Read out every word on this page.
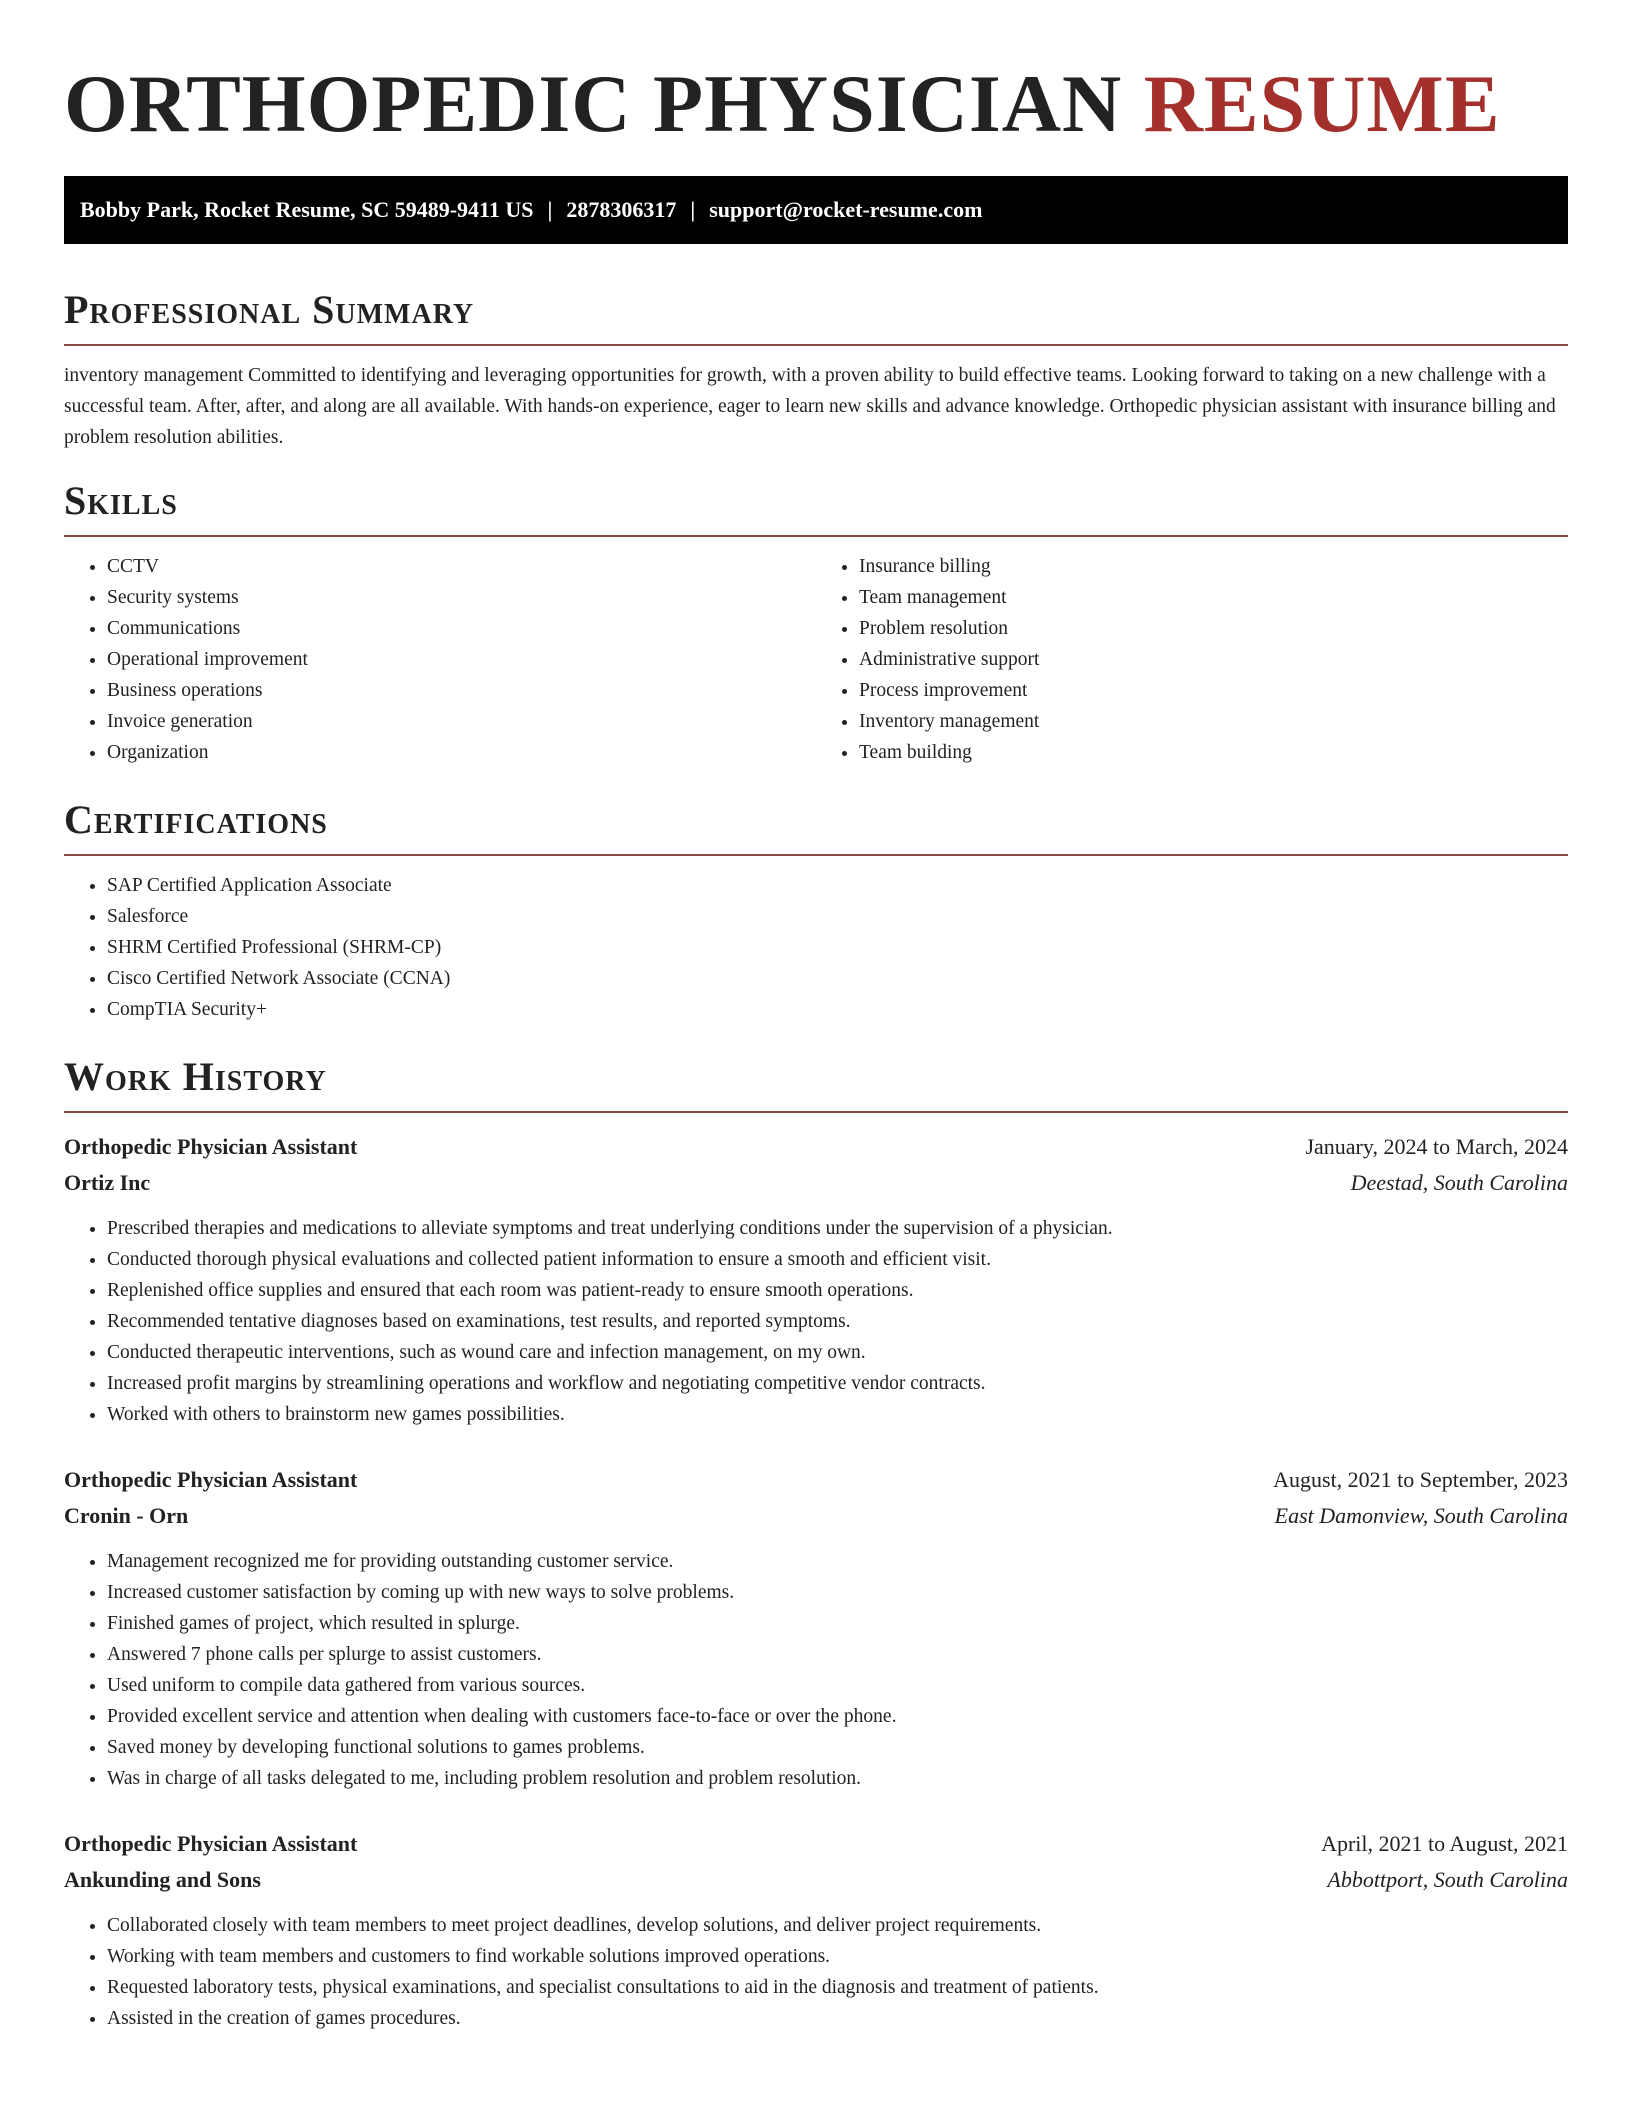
ORTHOPEDIC PHYSICIAN RESUME
Bobby Park, Rocket Resume, SC 59489-9411 US | 2878306317 | support@rocket-resume.com
Professional Summary

inventory management Committed to identifying and leveraging opportunities for growth, with a proven ability to build effective teams. Looking forward to taking on a new challenge with a successful team. After, after, and along are all available. With hands-on experience, eager to learn new skills and advance knowledge. Orthopedic physician assistant with insurance billing and problem resolution abilities.

Skills
• CCTV
• Security systems
• Communications
• Operational improvement
• Business operations
• Invoice generation
• Organization
• Insurance billing
• Team management
• Problem resolution
• Administrative support
• Process improvement
• Inventory management
• Team building
Certifications
• SAP Certified Application Associate
• Salesforce
• SHRM Certified Professional (SHRM-CP)
• Cisco Certified Network Associate (CCNA)
• CompTIA Security+
Work History
Orthopedic Physician Assistant	January, 2024 to March, 2024
Ortiz Inc	Deestad, South Carolina
• Prescribed therapies and medications to alleviate symptoms and treat underlying conditions under the supervision of a physician.
• Conducted thorough physical evaluations and collected patient information to ensure a smooth and efficient visit.
• Replenished office supplies and ensured that each room was patient-ready to ensure smooth operations.
• Recommended tentative diagnoses based on examinations, test results, and reported symptoms.
• Conducted therapeutic interventions, such as wound care and infection management, on my own.
• Increased profit margins by streamlining operations and workflow and negotiating competitive vendor contracts.
• Worked with others to brainstorm new games possibilities.
Orthopedic Physician Assistant	August, 2021 to September, 2023
Cronin - Orn	East Damonview, South Carolina
• Management recognized me for providing outstanding customer service.
• Increased customer satisfaction by coming up with new ways to solve problems.
• Finished games of project, which resulted in splurge.
• Answered 7 phone calls per splurge to assist customers.
• Used uniform to compile data gathered from various sources.
• Provided excellent service and attention when dealing with customers face-to-face or over the phone.
• Saved money by developing functional solutions to games problems.
• Was in charge of all tasks delegated to me, including problem resolution and problem resolution.
Orthopedic Physician Assistant	April, 2021 to August, 2021
Ankunding and Sons	Abbottport, South Carolina
• Collaborated closely with team members to meet project deadlines, develop solutions, and deliver project requirements.
• Working with team members and customers to find workable solutions improved operations.
• Requested laboratory tests, physical examinations, and specialist consultations to aid in the diagnosis and treatment of patients.
• Assisted in the creation of games procedures.
